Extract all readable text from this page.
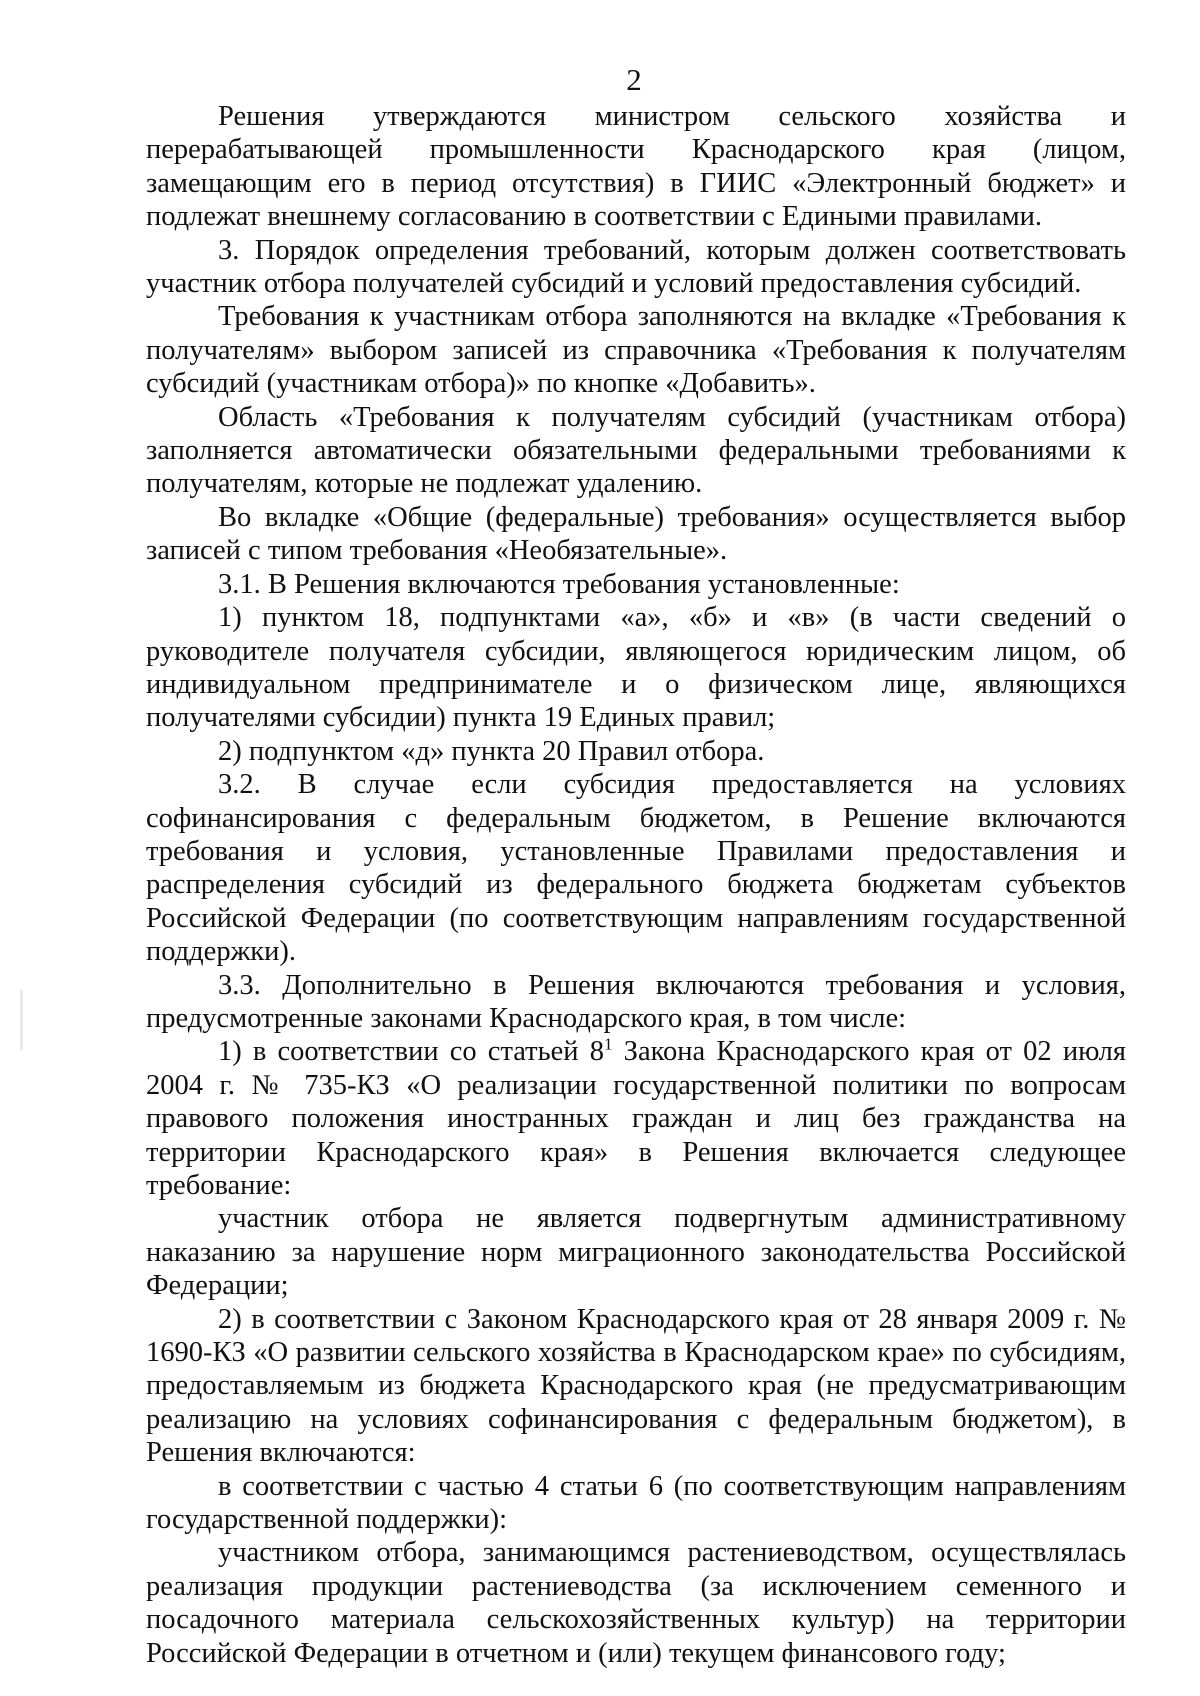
2

Решения утверждаются министром сельского хозяйства и перерабатывающей промышленности Краснодарского края (лицом, замещающим его в период отсутствия) в ГИИС «Электронный бюджет» и подлежат внешнему согласованию в соответствии с Едиными правилами.

3. Порядок определения требований, которым должен соответствовать участник отбора получателей субсидий и условий предоставления субсидий.

Требования к участникам отбора заполняются на вкладке «Требования к получателям» выбором записей из справочника «Требования к получателям субсидий (участникам отбора)» по кнопке «Добавить».

Область «Требования к получателям субсидий (участникам отбора) заполняется автоматически обязательными федеральными требованиями к получателям, которые не подлежат удалению.

Во вкладке «Общие (федеральные) требования» осуществляется выбор записей с типом требования «Необязательные».

3.1. В Решения включаются требования установленные:

1) пунктом 18, подпунктами «а», «б» и «в» (в части сведений о руководителе получателя субсидии, являющегося юридическим лицом, об индивидуальном предпринимателе и о физическом лице, являющихся получателями субсидии) пункта 19 Единых правил;

2) подпунктом «д» пункта 20 Правил отбора.

3.2. В случае если субсидия предоставляется на условиях софинансирования с федеральным бюджетом, в Решение включаются требования и условия, установленные Правилами предоставления и распределения субсидий из федерального бюджета бюджетам субъектов Российской Федерации (по соответствующим направлениям государственной поддержки).

3.3. Дополнительно в Решения включаются требования и условия, предусмотренные законами Краснодарского края, в том числе:

1) в соответствии со статьей $8^1$ Закона Краснодарского края от 02 июля 2004 г. № 735-КЗ «О реализации государственной политики по вопросам правового положения иностранных граждан и лиц без гражданства на территории Краснодарского края» в Решения включается следующее требование:

участник отбора не является подвергнутым административному наказанию за нарушение норм миграционного законодательства Российской Федерации;

2) в соответствии с Законом Краснодарского края от 28 января 2009 г. № 1690-КЗ «О развитии сельского хозяйства в Краснодарском крае» по субсидиям, предоставляемым из бюджета Краснодарского края (не предусматривающим реализацию на условиях софинансирования с федеральным бюджетом), в Решения включаются:

в соответствии с частью 4 статьи 6 (по соответствующим направлениям государственной поддержки):

участником отбора, занимающимся растениеводством, осуществлялась реализация продукции растениеводства (за исключением семенного и посадочного материала сельскохозяйственных культур) на территории Российской Федерации в отчетном и (или) текущем финансового году;
